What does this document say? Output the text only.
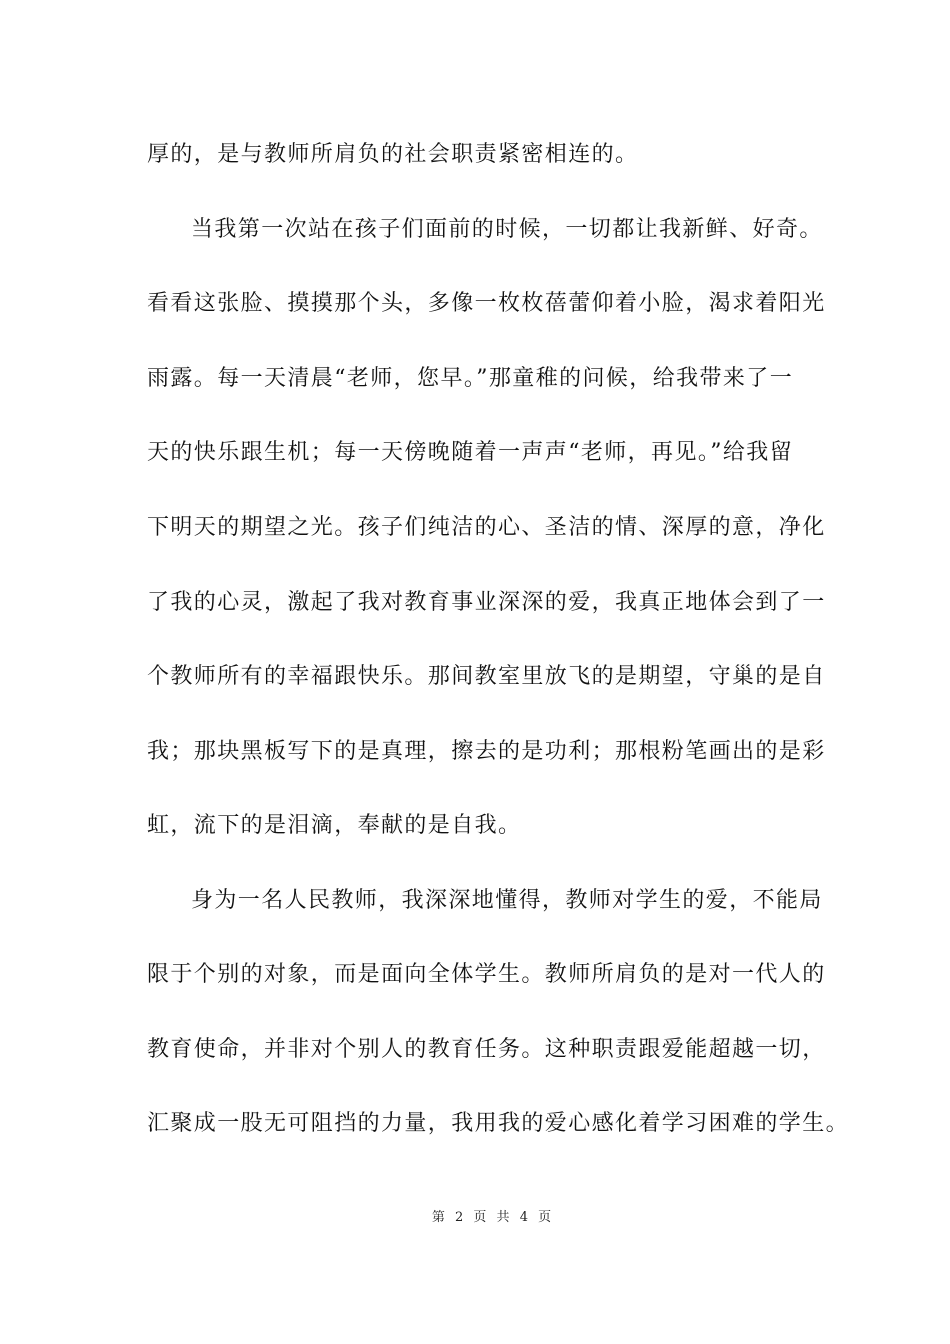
厚的，是与教师所肩负的社会职责紧密相连的。
当我第一次站在孩子们面前的时候，一切都让我新鲜、好奇。
看看这张脸、摸摸那个头，多像一枚枚蓓蕾仰着小脸，渴求着阳光
雨露。每一天清晨“老师，您早。”那童稚的问候，给我带来了一
天的快乐跟生机；每一天傍晚随着一声声“老师，再见。”给我留
下明天的期望之光。孩子们纯洁的心、圣洁的情、深厚的意，净化
了我的心灵，激起了我对教育事业深深的爱，我真正地体会到了一
个教师所有的幸福跟快乐。那间教室里放飞的是期望，守巢的是自
我；那块黑板写下的是真理，擦去的是功利；那根粉笔画出的是彩
虹，流下的是泪滴，奉献的是自我。
身为一名人民教师，我深深地懂得，教师对学生的爱，不能局
限于个别的对象，而是面向全体学生。教师所肩负的是对一代人的
教育使命，并非对个别人的教育任务。这种职责跟爱能超越一切，
汇聚成一股无可阻挡的力量，我用我的爱心感化着学习困难的学生。
第 2 页 共 4 页
